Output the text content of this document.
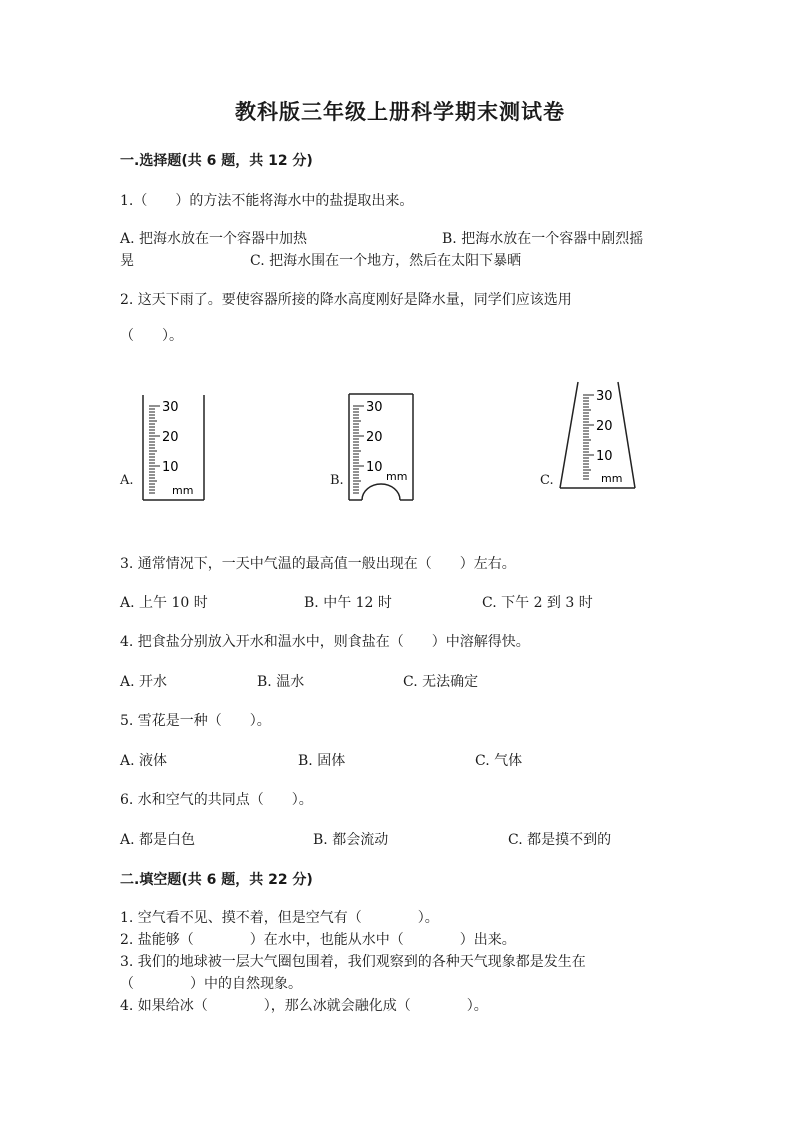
教科版三年级上册科学期末测试卷
一.选择题(共 6 题，共 12 分)
1.（　　）的方法不能将海水中的盐提取出来。
A. 把海水放在一个容器中加热	B. 把海水放在一个容器中剧烈摇
晃	C. 把海水围在一个地方，然后在太阳下暴晒
2. 这天下雨了。要使容器所接的降水高度刚好是降水量，同学们应该选用
（　　）。
A.
30
20
10
mm
B.
30
20
10
mm	C.
30
20
10
mm
3. 通常情况下，一天中气温的最高值一般出现在（　　）左右。
A. 上午 10 时	B. 中午 12 时	C. 下午 2 到 3 时
4. 把食盐分别放入开水和温水中，则食盐在（　　）中溶解得快。
A. 开水	B. 温水	C. 无法确定
5. 雪花是一种（　　）。
A. 液体	B. 固体	C. 气体
6. 水和空气的共同点（　　）。
A. 都是白色	B. 都会流动	C. 都是摸不到的
二.填空题(共 6 题，共 22 分)
1. 空气看不见、摸不着，但是空气有（　　　　）。
2. 盐能够（　　　　）在水中，也能从水中（　　　　）出来。
3. 我们的地球被一层大气圈包围着，我们观察到的各种天气现象都是发生在
（　　　　）中的自然现象。
4. 如果给冰（　　　　），那么冰就会融化成（　　　　）。
